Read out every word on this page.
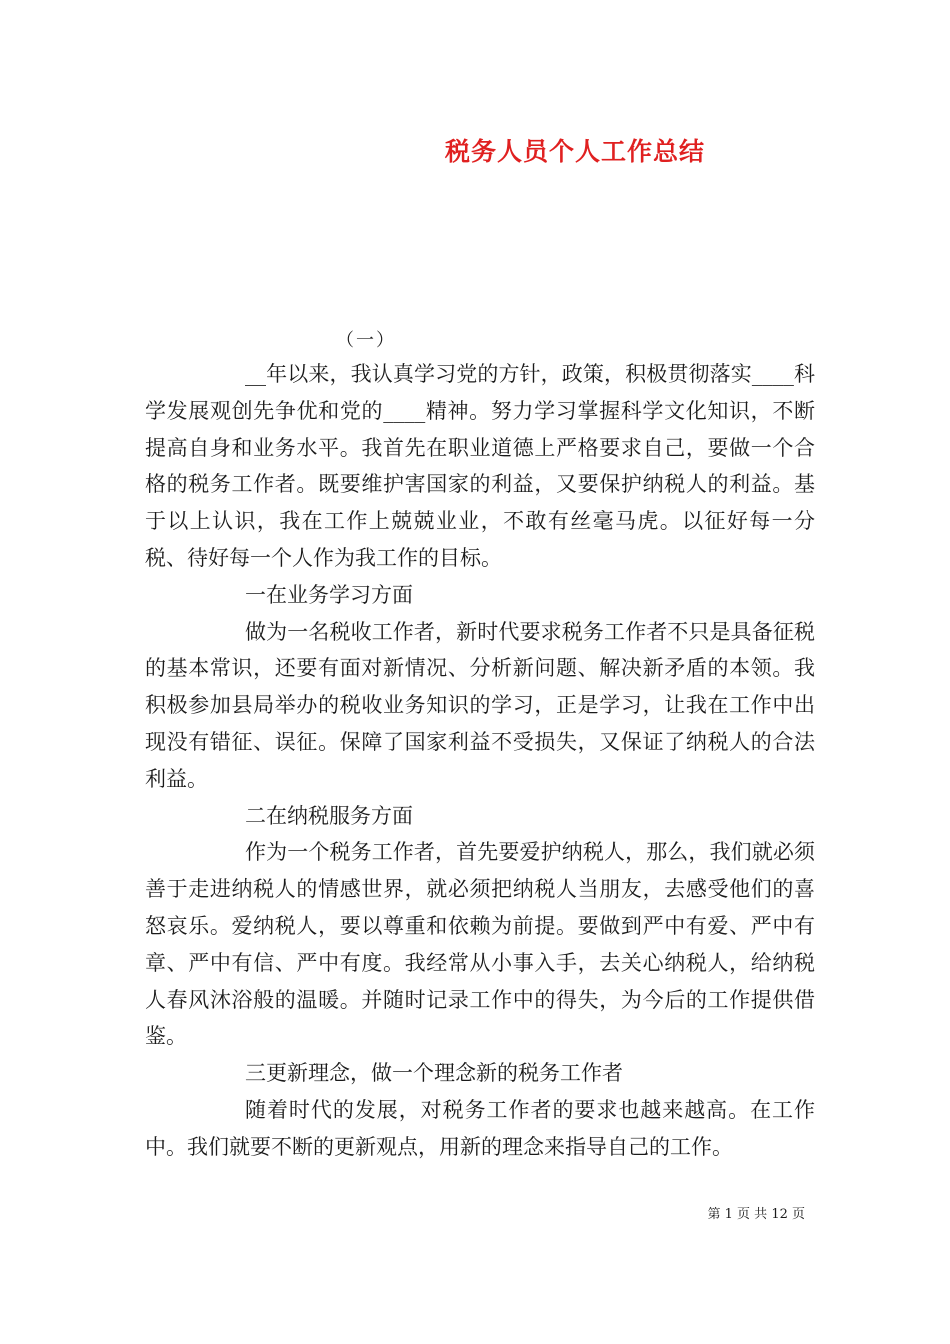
税务人员个人工作总结
（一）

__年以来，我认真学习党的方针，政策，积极贯彻落实____科学发展观创先争优和党的____精神。努力学习掌握科学文化知识，不断提高自身和业务水平。我首先在职业道德上严格要求自己，要做一个合格的税务工作者。既要维护害国家的利益，又要保护纳税人的利益。基于以上认识，我在工作上兢兢业业，不敢有丝毫马虎。以征好每一分税、待好每一个人作为我工作的目标。

一在业务学习方面

做为一名税收工作者，新时代要求税务工作者不只是具备征税的基本常识，还要有面对新情况、分析新问题、解决新矛盾的本领。我积极参加县局举办的税收业务知识的学习，正是学习，让我在工作中出现没有错征、误征。保障了国家利益不受损失，又保证了纳税人的合法利益。

二在纳税服务方面

作为一个税务工作者，首先要爱护纳税人，那么，我们就必须善于走进纳税人的情感世界，就必须把纳税人当朋友，去感受他们的喜怒哀乐。爱纳税人，要以尊重和依赖为前提。要做到严中有爱、严中有章、严中有信、严中有度。我经常从小事入手，去关心纳税人，给纳税人春风沐浴般的温暖。并随时记录工作中的得失，为今后的工作提供借鉴。

三更新理念，做一个理念新的税务工作者

随着时代的发展，对税务工作者的要求也越来越高。在工作中。我们就要不断的更新观点，用新的理念来指导自己的工作。

第 1 页 共 12 页
